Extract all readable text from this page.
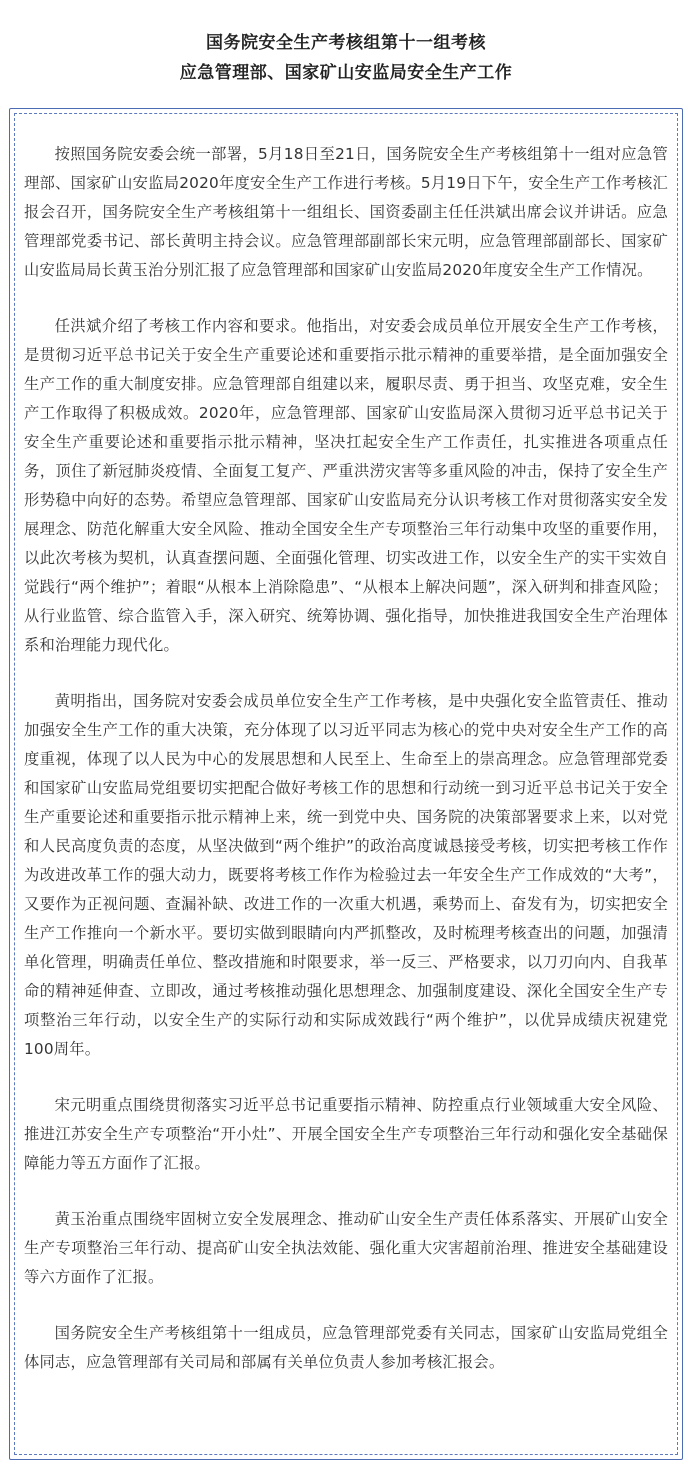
国务院安全生产考核组第十一组考核
应急管理部、国家矿山安监局安全生产工作

按照国务院安委会统一部署，5月18日至21日，国务院安全生产考核组第十一组对应急管理部、国家矿山安监局2020年度安全生产工作进行考核。5月19日下午，安全生产工作考核汇报会召开，国务院安全生产考核组第十一组组长、国资委副主任任洪斌出席会议并讲话。应急管理部党委书记、部长黄明主持会议。应急管理部副部长宋元明，应急管理部副部长、国家矿山安监局局长黄玉治分别汇报了应急管理部和国家矿山安监局2020年度安全生产工作情况。

任洪斌介绍了考核工作内容和要求。他指出，对安委会成员单位开展安全生产工作考核，是贯彻习近平总书记关于安全生产重要论述和重要指示批示精神的重要举措，是全面加强安全生产工作的重大制度安排。应急管理部自组建以来，履职尽责、勇于担当、攻坚克难，安全生产工作取得了积极成效。2020年，应急管理部、国家矿山安监局深入贯彻习近平总书记关于安全生产重要论述和重要指示批示精神，坚决扛起安全生产工作责任，扎实推进各项重点任务，顶住了新冠肺炎疫情、全面复工复产、严重洪涝灾害等多重风险的冲击，保持了安全生产形势稳中向好的态势。希望应急管理部、国家矿山安监局充分认识考核工作对贯彻落实安全发展理念、防范化解重大安全风险、推动全国安全生产专项整治三年行动集中攻坚的重要作用，以此次考核为契机，认真查摆问题、全面强化管理、切实改进工作，以安全生产的实干实效自觉践行“两个维护”；着眼“从根本上消除隐患”、“从根本上解决问题”，深入研判和排查风险；从行业监管、综合监管入手，深入研究、统筹协调、强化指导，加快推进我国安全生产治理体系和治理能力现代化。

黄明指出，国务院对安委会成员单位安全生产工作考核，是中央强化安全监管责任、推动加强安全生产工作的重大决策，充分体现了以习近平同志为核心的党中央对安全生产工作的高度重视，体现了以人民为中心的发展思想和人民至上、生命至上的崇高理念。应急管理部党委和国家矿山安监局党组要切实把配合做好考核工作的思想和行动统一到习近平总书记关于安全生产重要论述和重要指示批示精神上来，统一到党中央、国务院的决策部署要求上来，以对党和人民高度负责的态度，从坚决做到“两个维护”的政治高度诚恳接受考核，切实把考核工作作为改进改革工作的强大动力，既要将考核工作作为检验过去一年安全生产工作成效的“大考”，又要作为正视问题、查漏补缺、改进工作的一次重大机遇，乘势而上、奋发有为，切实把安全生产工作推向一个新水平。要切实做到眼睛向内严抓整改，及时梳理考核查出的问题，加强清单化管理，明确责任单位、整改措施和时限要求，举一反三、严格要求，以刀刃向内、自我革命的精神延伸查、立即改，通过考核推动强化思想理念、加强制度建设、深化全国安全生产专项整治三年行动，以安全生产的实际行动和实际成效践行“两个维护”，以优异成绩庆祝建党100周年。

宋元明重点围绕贯彻落实习近平总书记重要指示精神、防控重点行业领域重大安全风险、推进江苏安全生产专项整治“开小灶”、开展全国安全生产专项整治三年行动和强化安全基础保障能力等五方面作了汇报。

黄玉治重点围绕牢固树立安全发展理念、推动矿山安全生产责任体系落实、开展矿山安全生产专项整治三年行动、提高矿山安全执法效能、强化重大灾害超前治理、推进安全基础建设等六方面作了汇报。

国务院安全生产考核组第十一组成员，应急管理部党委有关同志，国家矿山安监局党组全体同志，应急管理部有关司局和部属有关单位负责人参加考核汇报会。
